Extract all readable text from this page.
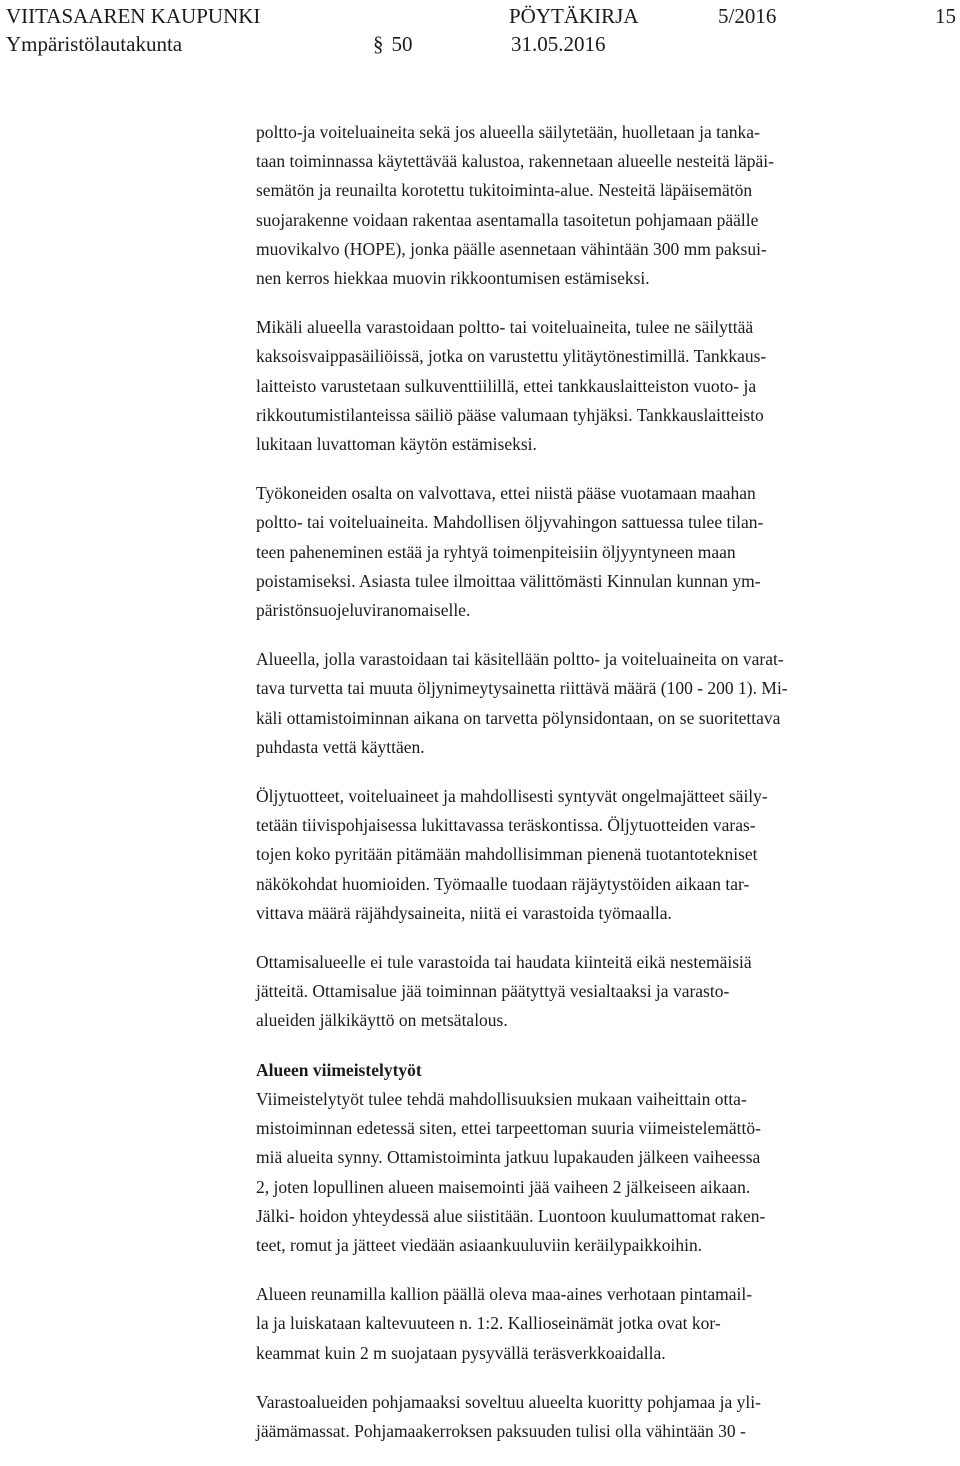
VIITASAAREN KAUPUNKI	PÖYTÄKIRJA	5/2016	15
Ympäristölautakunta	§ 50	31.05.2016
poltto-ja voiteluaineita sekä jos alueella säilytetään, huolletaan ja tanka-
taan toiminnassa käytettävää kalustoa, rakennetaan alueelle nesteitä läpäi-
semätön ja reunailta korotettu tukitoiminta-alue. Nesteitä läpäisemätön
suojarakenne voidaan rakentaa asentamalla tasoitetun pohjamaan päälle
muovikalvo (HOPE), jonka päälle asennetaan vähintään 300 mm paksui-
nen kerros hiekkaa muovin rikkoontumisen estämiseksi.
Mikäli alueella varastoidaan poltto- tai voiteluaineita, tulee ne säilyttää
kaksoisvaippasäiliöissä, jotka on varustettu ylitäytönestimillä. Tankkaus-
laitteisto varustetaan sulkuventtiilillä, ettei tankkauslaitteiston vuoto- ja
rikkoutumistilanteissa säiliö pääse valumaan tyhjäksi. Tankkauslaitteisto
lukitaan luvattoman käytön estämiseksi.
Työkoneiden osalta on valvottava, ettei niistä pääse vuotamaan maahan
poltto- tai voiteluaineita. Mahdollisen öljyvahingon sattuessa tulee tilan-
teen paheneminen estää ja ryhtyä toimenpiteisiin öljyyntyneen maan
poistamiseksi. Asiasta tulee ilmoittaa välittömästi Kinnulan kunnan ym-
päristönsuojeluviranomaiselle.
Alueella, jolla varastoidaan tai käsitellään poltto- ja voiteluaineita on varat-
tava turvetta tai muuta öljynimeytysainetta riittävä määrä (100 - 200 1). Mi-
käli ottamistoiminnan aikana on tarvetta pölynsidontaan, on se suoritettava
puhdasta vettä käyttäen.
Öljytuotteet, voiteluaineet ja mahdollisesti syntyvät ongelmajätteet säily-
tetään tiivispohjaisessa lukittavassa teräskontissa. Öljytuotteiden varas-
tojen koko pyritään pitämään mahdollisimman pienenä tuotantotekniset
näkökohdat huomioiden. Työmaalle tuodaan räjäytystöiden aikaan tar-
vittava määrä räjähdysaineita, niitä ei varastoida työmaalla.
Ottamisalueelle ei tule varastoida tai haudata kiinteitä eikä nestemäisiä
jätteitä. Ottamisalue jää toiminnan päätyttyä vesialtaaksi ja varasto-
alueiden jälkikäyttö on metsätalous.
Alueen viimeistelytyöt
Viimeistelytyöt tulee tehdä mahdollisuuksien mukaan vaiheittain otta-
mistoiminnan edetessä siten, ettei tarpeettoman suuria viimeistelemättö-
miä alueita synny. Ottamistoiminta jatkuu lupakauden jälkeen vaiheessa
2, joten lopullinen alueen maisemointi jää vaiheen 2 jälkeiseen aikaan.
Jälki- hoidon yhteydessä alue siistitään. Luontoon kuulumattomat raken-
teet, romut ja jätteet viedään asiaankuuluviin keräilypaikkoihin.
Alueen reunamilla kallion päällä oleva maa-aines verhotaan pintamail-
la ja luiskataan kaltevuuteen n. 1:2. Kallioseinämät jotka ovat kor-
keammat kuin 2 m suojataan pysyvällä teräsverkkoaidalla.
Varastoalueiden pohjamaaksi soveltuu alueelta kuoritty pohjamaa ja yli-
jäämämassat. Pohjamaakerroksen paksuuden tulisi olla vähintään 30 -
